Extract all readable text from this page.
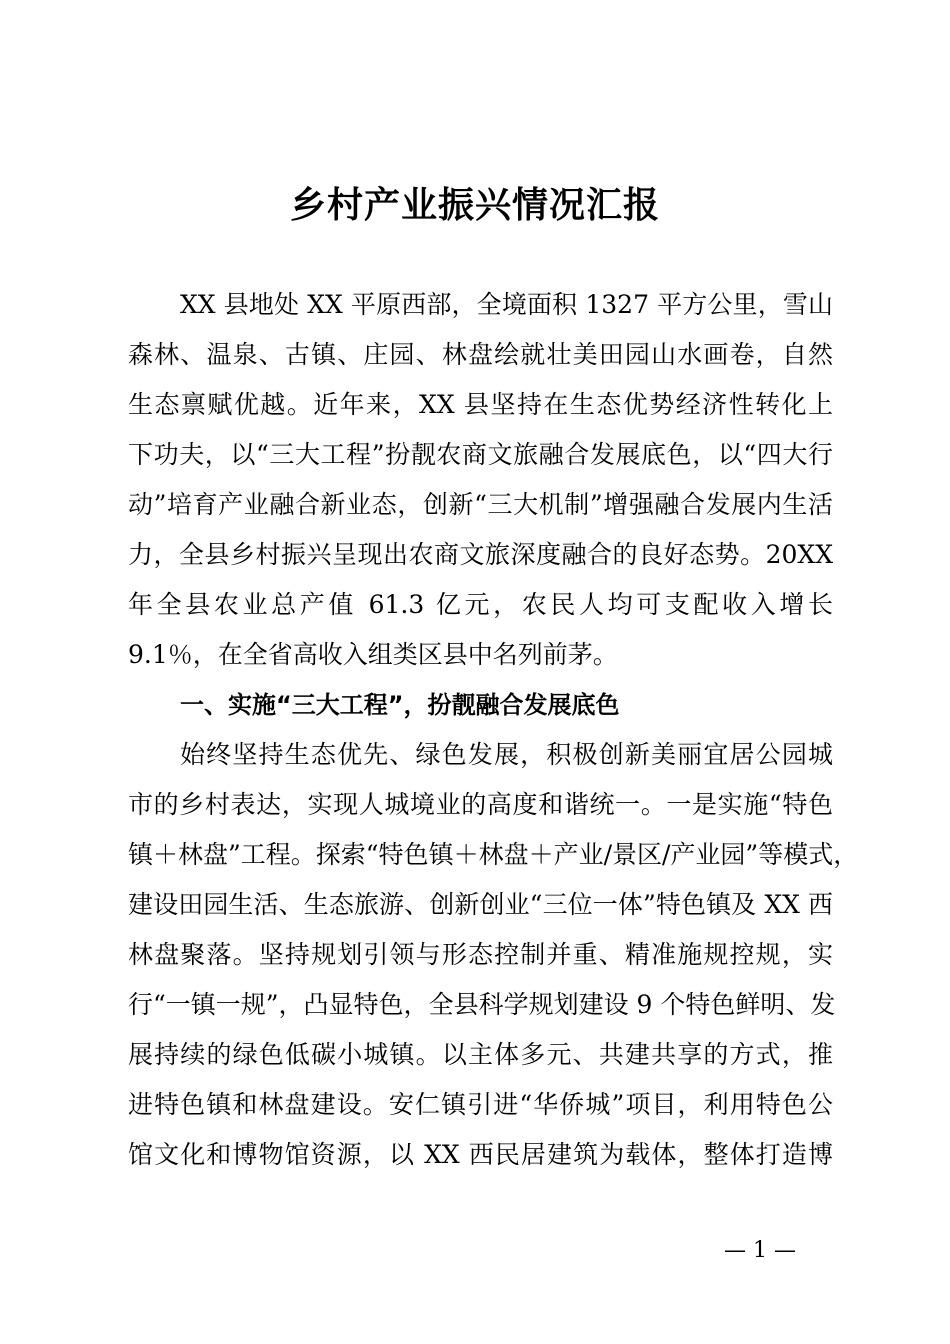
乡村产业振兴情况汇报
XX 县地处 XX 平原西部，全境面积 1327 平方公里，雪山
森林、温泉、古镇、庄园、林盘绘就壮美田园山水画卷，自然
生态禀赋优越。近年来，XX 县坚持在生态优势经济性转化上
下功夫，以“三大工程”扮靓农商文旅融合发展底色，以“四大行
动”培育产业融合新业态，创新“三大机制”增强融合发展内生活
力，全县乡村振兴呈现出农商文旅深度融合的良好态势。20XX
年全县农业总产值 61.3 亿元，农民人均可支配收入增长
9.1％，在全省高收入组类区县中名列前茅。
一、实施“三大工程”，扮靓融合发展底色
始终坚持生态优先、绿色发展，积极创新美丽宜居公园城
市的乡村表达，实现人城境业的高度和谐统一。一是实施“特色
镇＋林盘”工程。探索“特色镇＋林盘＋产业/景区/产业园”等模式，
建设田园生活、生态旅游、创新创业“三位一体”特色镇及 XX 西
林盘聚落。坚持规划引领与形态控制并重、精准施规控规，实
行“一镇一规”，凸显特色，全县科学规划建设 9 个特色鲜明、发
展持续的绿色低碳小城镇。以主体多元、共建共享的方式，推
进特色镇和林盘建设。安仁镇引进“华侨城”项目，利用特色公
馆文化和博物馆资源，以 XX 西民居建筑为载体，整体打造博
— 1 —
